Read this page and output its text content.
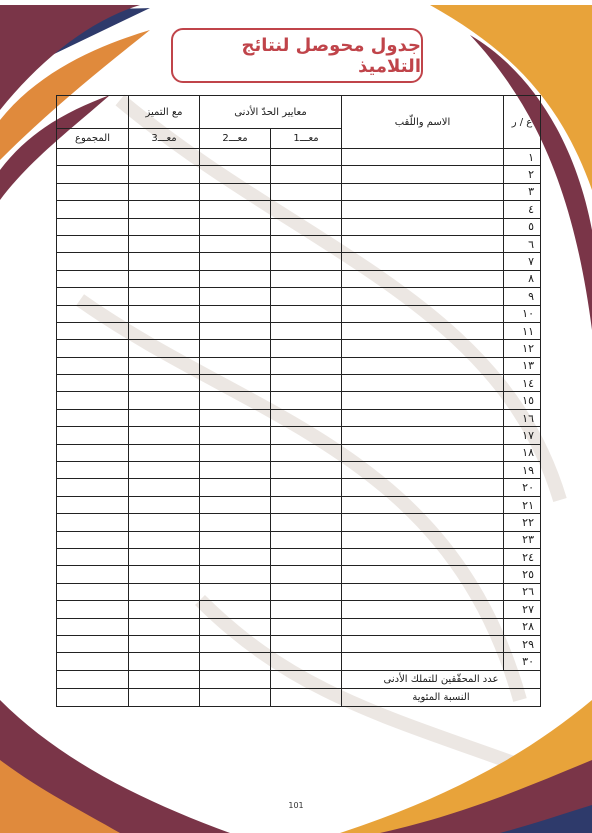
جدول محوصل لنتائج التلاميذ
ع / ر	الاسم واللّقب	معايير الحدّ الأدنى		مع التميز	
		معـــ1	معـــ2	معـــ3	المجموع
١					
٢					
٣					
٤					
٥					
٦					
٧					
٨					
٩					
١٠					
١١					
١٢					
١٣					
١٤					
١٥					
١٦					
١٧					
١٨					
١٩					
٢٠					
٢١					
٢٢					
٢٣					
٢٤					
٢٥					
٢٦					
٢٧					
٢٨					
٢٩					
٣٠					
عدد المحقّقين للتملك الأدنى					
النسبة المئوية					
101
